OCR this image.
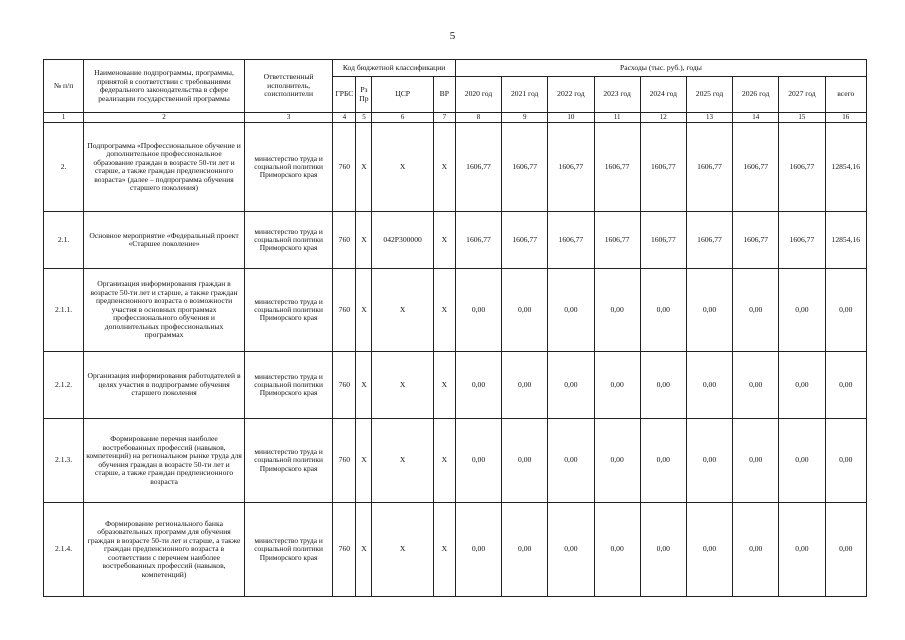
5
№ п/п	Наименование подпрограммы, программы, принятой в соответствии с требованиями федерального законодательства в сфере реализации государственной программы	Ответственный исполнитель, соисполнители	Код бюджетной классификации				Расходы (тыс. руб.), годы								
			ГРБС	Рз Пр	ЦСР	ВР	2020 год	2021 год	2022 год	2023 год	2024 год	2025 год	2026 год	2027 год	всего
1	2	3	4	5	6	7	8	9	10	11	12	13	14	15	16
2.	Подпрограмма «Профессиональное обучение и дополнительное профессиональное образование граждан в возрасте 50-ти лет и старше, а также граждан предпенсионного возраста» (далее – подпрограмма обучения старшего поколения)	министерство труда и социальной политики Приморского края	760	Х	Х	Х	1606,77	1606,77	1606,77	1606,77	1606,77	1606,77	1606,77	1606,77	12854,16
2.1.	Основное мероприятие «Федеральный проект «Старшее поколение»	министерство труда и социальной политики Приморского края	760	Х	042P300000	Х	1606,77	1606,77	1606,77	1606,77	1606,77	1606,77	1606,77	1606,77	12854,16
2.1.1.	Организация информирования граждан в возрасте 50-ти лет и старше, а также граждан предпенсионного возраста о возможности участия в основных программах профессионального обучения и дополнительных профессиональных программах	министерство труда и социальной политики Приморского края	760	Х	Х	Х	0,00	0,00	0,00	0,00	0,00	0,00	0,00	0,00	0,00
2.1.2.	Организация информирования работодателей в целях участия в подпрограмме обучения старшего поколения	министерство труда и социальной политики Приморского края	760	Х	Х	Х	0,00	0,00	0,00	0,00	0,00	0,00	0,00	0,00	0,00
2.1.3.	Формирование перечня наиболее востребованных профессий (навыков, компетенций) на региональном рынке труда для обучения граждан в возрасте 50-ти лет и старше, а также граждан предпенсионного возраста	министерство труда и социальной политики Приморского края	760	Х	Х	Х	0,00	0,00	0,00	0,00	0,00	0,00	0,00	0,00	0,00
2.1.4.	Формирование регионального банка образовательных программ для обучения граждан в возрасте 50-ти лет и старше, а также граждан предпенсионного возраста в соответствии с перечнем наиболее востребованных профессий (навыков, компетенций)	министерство труда и социальной политики Приморского края	760	Х	Х	Х	0,00	0,00	0,00	0,00	0,00	0,00	0,00	0,00	0,00
